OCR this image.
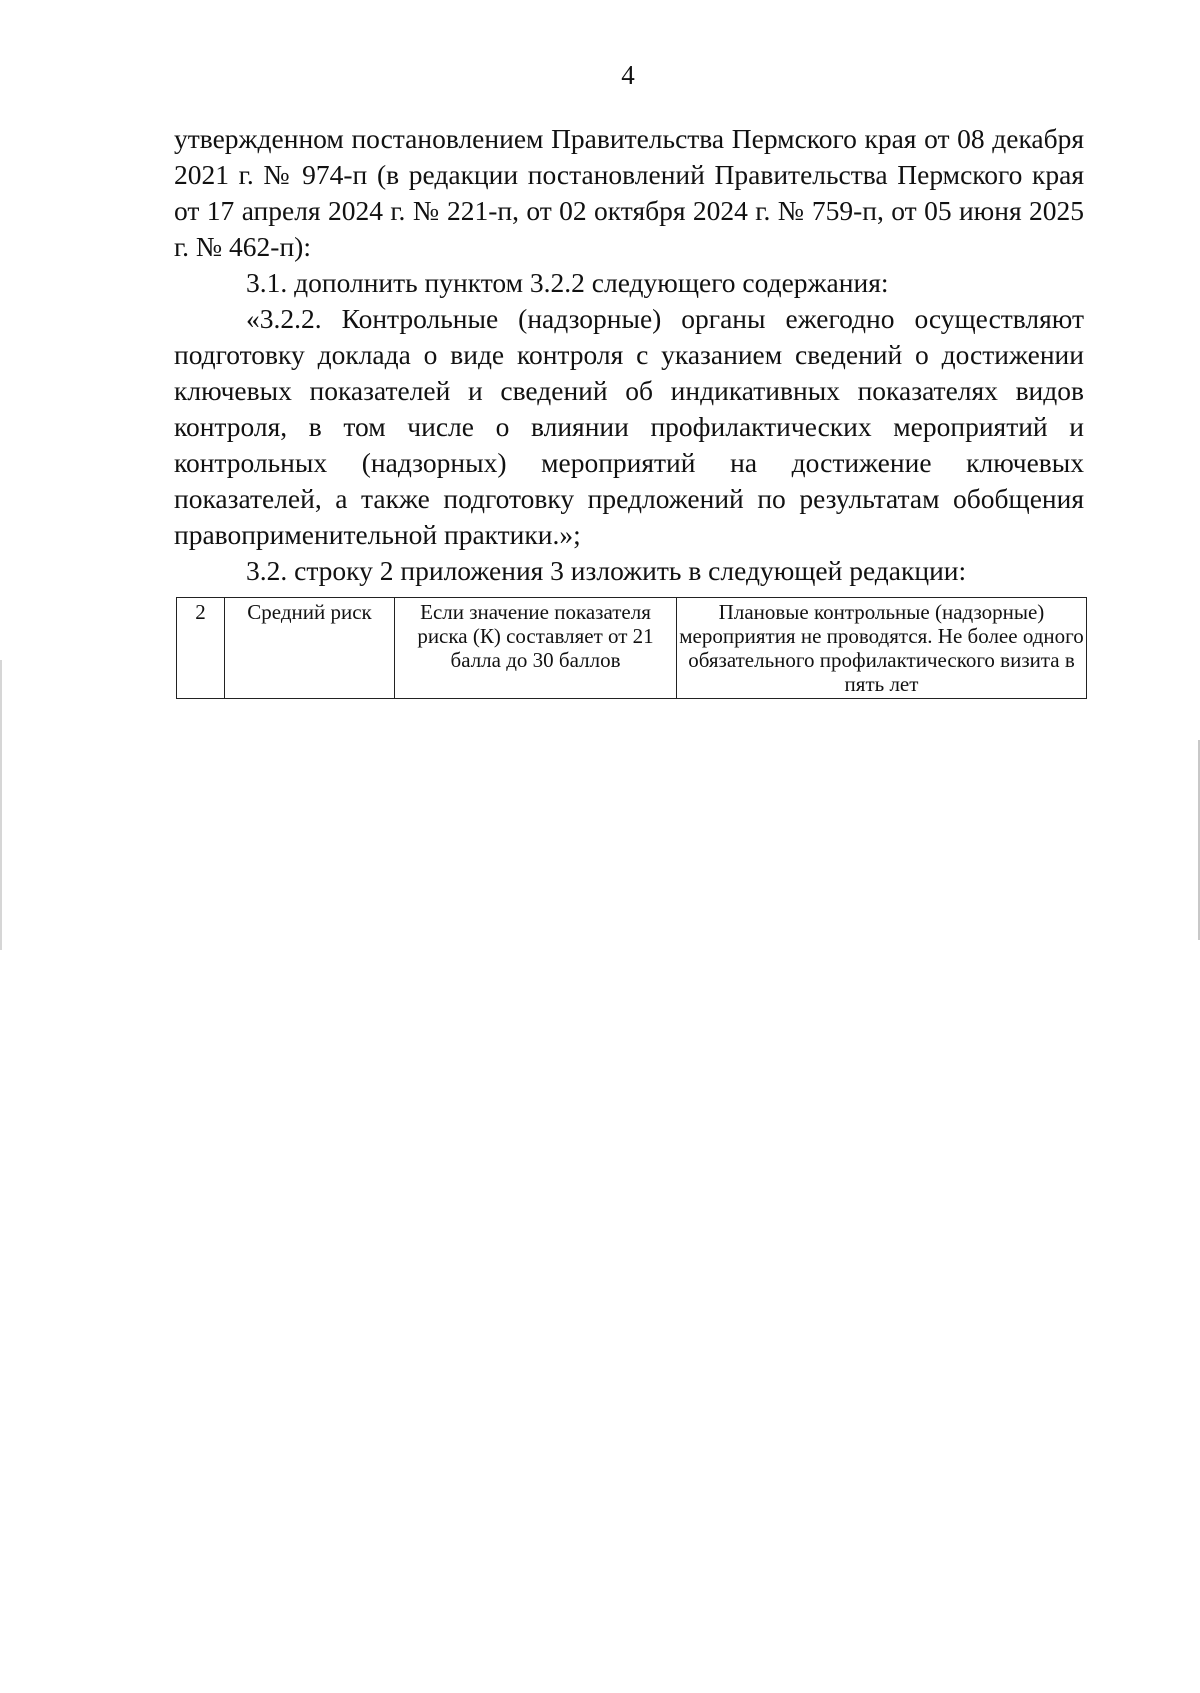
4

утвержденном постановлением Правительства Пермского края от 08 декабря 2021 г. № 974-п (в редакции постановлений Правительства Пермского края от 17 апреля 2024 г. № 221-п, от 02 октября 2024 г. № 759-п, от 05 июня 2025 г. № 462-п):

3.1. дополнить пунктом 3.2.2 следующего содержания:

«3.2.2. Контрольные (надзорные) органы ежегодно осуществляют подготовку доклада о виде контроля с указанием сведений о достижении ключевых показателей и сведений об индикативных показателях видов контроля, в том числе о влиянии профилактических мероприятий и контрольных (надзорных) мероприятий на достижение ключевых показателей, а также подготовку предложений по результатам обобщения правоприменительной практики.»;

3.2. строку 2 приложения 3 изложить в следующей редакции:

2	Средний риск	Если значение показателя риска (К) составляет от 21 балла до 30 баллов	Плановые контрольные (надзорные) мероприятия не проводятся. Не более одного обязательного профилактического визита в пять лет
